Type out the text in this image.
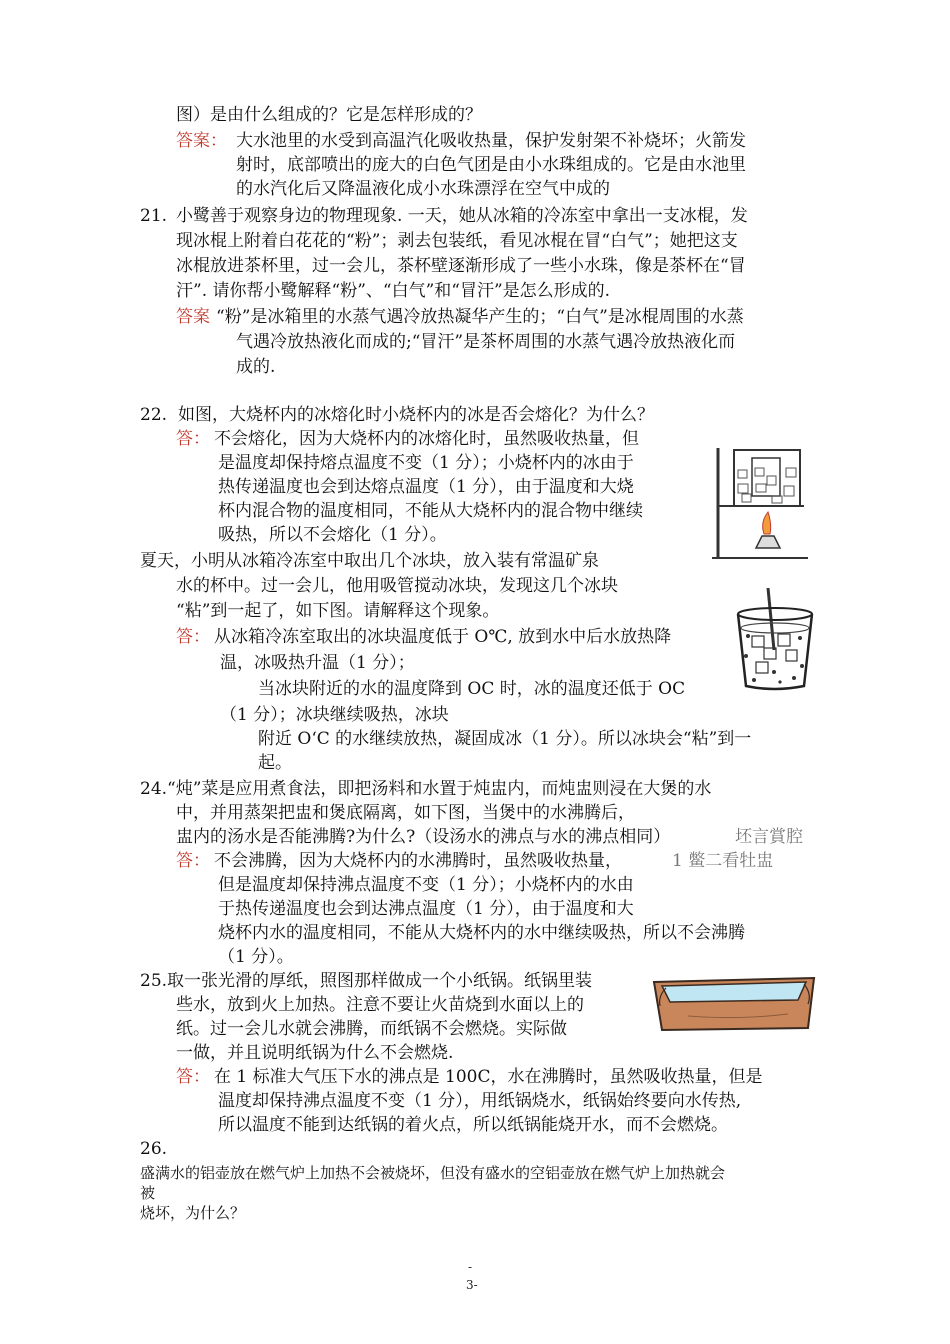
图）是由什么组成的？它是怎样形成的？
答案： 大水池里的水受到高温汽化吸收热量，保护发射架不补烧坏；火箭发
射时，底部喷出的庞大的白色气团是由小水珠组成的。它是由水池里
的水汽化后又降温液化成小水珠漂浮在空气中成的
21. 小鹭善于观察身边的物理现象. 一天，她从冰箱的冷冻室中拿出一支冰棍，发
现冰棍上附着白花花的“粉”；剥去包装纸，看见冰棍在冒“白气”；她把这支
冰棍放进茶杯里，过一会儿，茶杯壁逐渐形成了一些小水珠，像是茶杯在“冒
汗”. 请你帮小鹭解释“粉”、“白气”和“冒汗”是怎么形成的.
答案 “粉”是冰箱里的水蒸气遇冷放热凝华产生的；“白气”是冰棍周围的水蒸
气遇冷放热液化而成的;“冒汗”是茶杯周围的水蒸气遇冷放热液化而
成的.
22. 如图，大烧杯内的冰熔化时小烧杯内的冰是否会熔化？为什么？
答： 不会熔化，因为大烧杯内的冰熔化时，虽然吸收热量，但
是温度却保持熔点温度不变（1 分）；小烧杯内的冰由于
热传递温度也会到达熔点温度（1 分），由于温度和大烧
杯内混合物的温度相同，不能从大烧杯内的混合物中继续
吸热，所以不会熔化（1 分）。
夏天，小明从冰箱冷冻室中取出几个冰块，放入装有常温矿泉
水的杯中。过一会儿，他用吸管搅动冰块，发现这几个冰块
“粘”到一起了，如下图。请解释这个现象。
答： 从冰箱冷冻室取出的冰块温度低于 O℃, 放到水中后水放热降
温，冰吸热升温（1 分）；
当冰块附近的水的温度降到 OC 时，冰的温度还低于 OC
（1 分）；冰块继续吸热，冰块
附近 O‘C 的水继续放热，凝固成冰（1 分）。所以冰块会“粘”到一
起。
24.“炖”菜是应用煮食法，即把汤料和水置于炖盅内，而炖盅则浸在大煲的水
中，并用蒸架把盅和煲底隔离，如下图，当煲中的水沸腾后，
盅内的汤水是否能沸腾?为什么?（设汤水的沸点与水的沸点相同）	坯言賞腔
答： 不会沸腾，因为大烧杯内的水沸腾时，虽然吸收热量，	1 鳖二看牡盅
但是温度却保持沸点温度不变（1 分）；小烧杯内的水由
于热传递温度也会到达沸点温度（1 分），由于温度和大
烧杯内水的温度相同，不能从大烧杯内的水中继续吸热，所以不会沸腾
（1 分）。
25.取一张光滑的厚纸，照图那样做成一个小纸锅。纸锅里装
些水，放到火上加热。注意不要让火苗烧到水面以上的
纸。过一会儿水就会沸腾，而纸锅不会燃烧。实际做
一做，并且说明纸锅为什么不会燃烧.
答： 在 1 标准大气压下水的沸点是 100C，水在沸腾时，虽然吸收热量，但是
温度却保持沸点温度不变（1 分），用纸锅烧水，纸锅始终要向水传热,
所以温度不能到达纸锅的着火点，所以纸锅能烧开水，而不会燃烧。
26.
盛满水的铝壶放在燃气炉上加热不会被烧坏，但没有盛水的空铝壶放在燃气炉上加热就会
被
烧坏，为什么？
-
3-
